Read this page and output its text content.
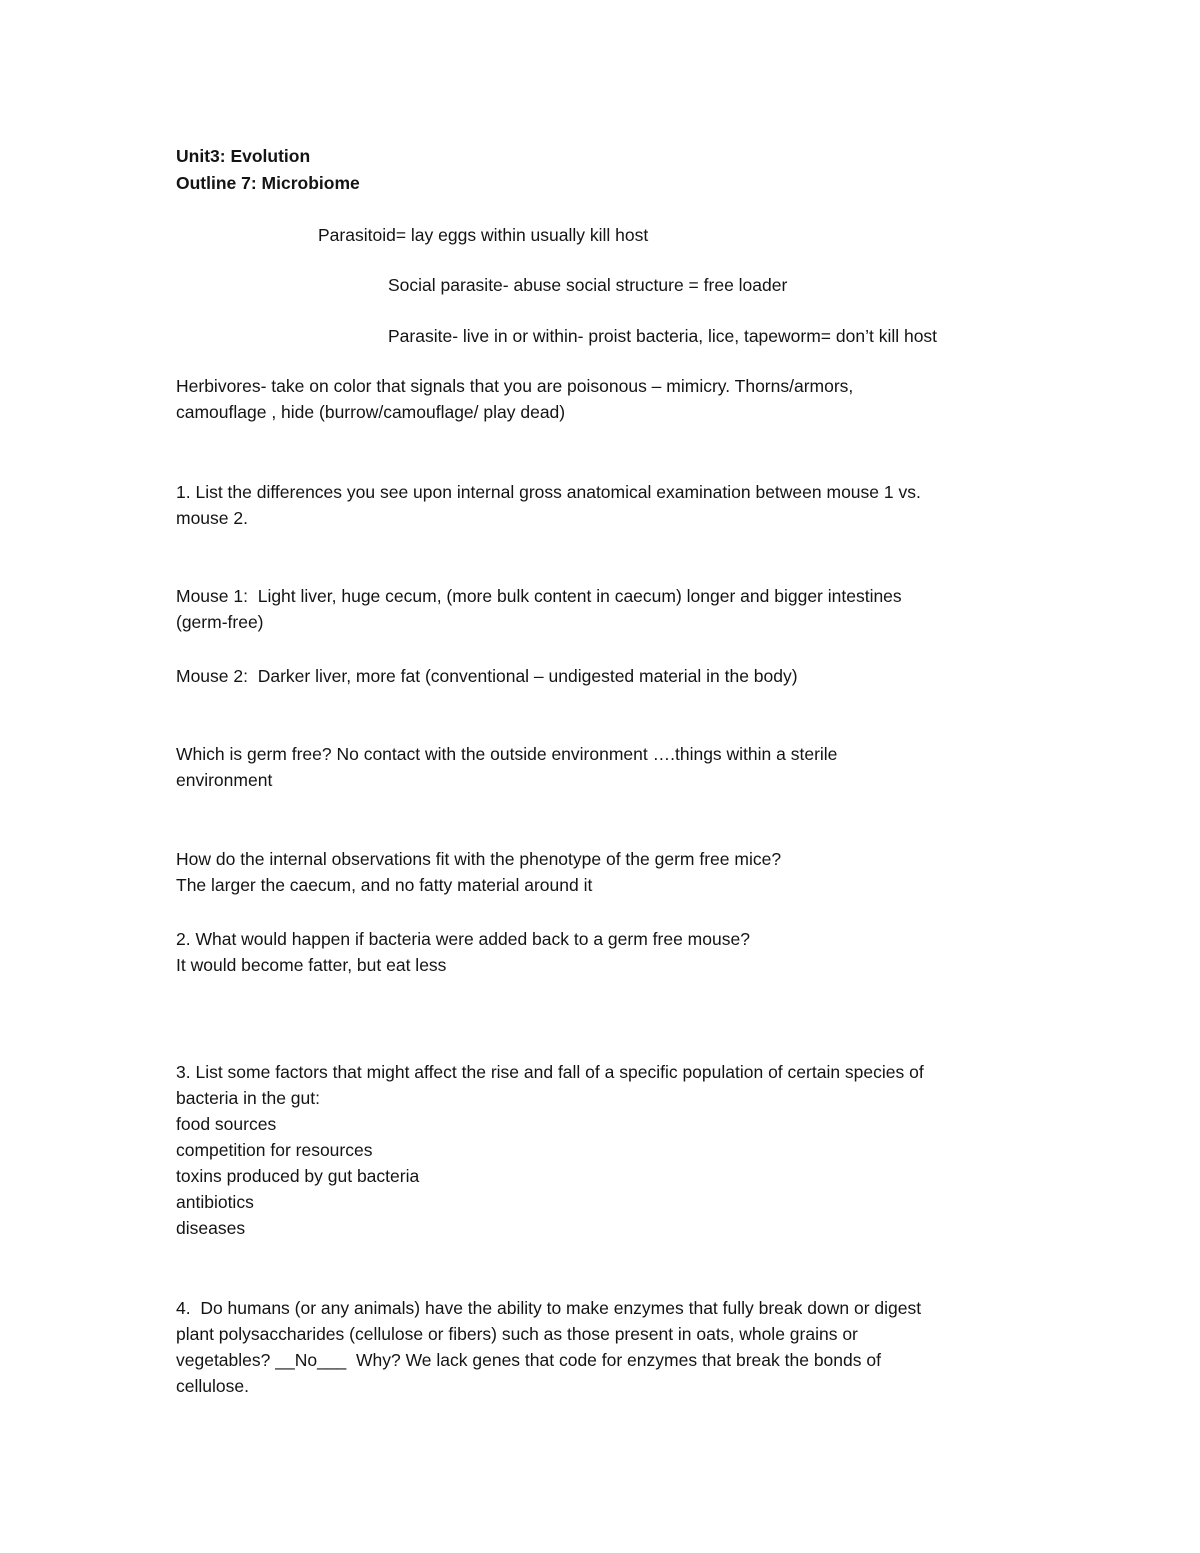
Unit3: Evolution
Outline 7: Microbiome
Parasitoid= lay eggs within usually kill host
Social parasite- abuse social structure = free loader
Parasite- live in or within- proist bacteria, lice, tapeworm= don’t kill host
Herbivores- take on color that signals that you are poisonous – mimicry. Thorns/armors,
camouflage , hide (burrow/camouflage/ play dead)
1. List the differences you see upon internal gross anatomical examination between mouse 1 vs.
mouse 2.
Mouse 1:  Light liver, huge cecum, (more bulk content in caecum) longer and bigger intestines
(germ-free)
Mouse 2:  Darker liver, more fat (conventional – undigested material in the body)
Which is germ free? No contact with the outside environment ….things within a sterile
environment
How do the internal observations fit with the phenotype of the germ free mice?
The larger the caecum, and no fatty material around it
2. What would happen if bacteria were added back to a germ free mouse?
It would become fatter, but eat less
3. List some factors that might affect the rise and fall of a specific population of certain species of
bacteria in the gut:
food sources
competition for resources
toxins produced by gut bacteria
antibiotics
diseases
4.  Do humans (or any animals) have the ability to make enzymes that fully break down or digest
plant polysaccharides (cellulose or fibers) such as those present in oats, whole grains or
vegetables? __No___  Why? We lack genes that code for enzymes that break the bonds of
cellulose.
